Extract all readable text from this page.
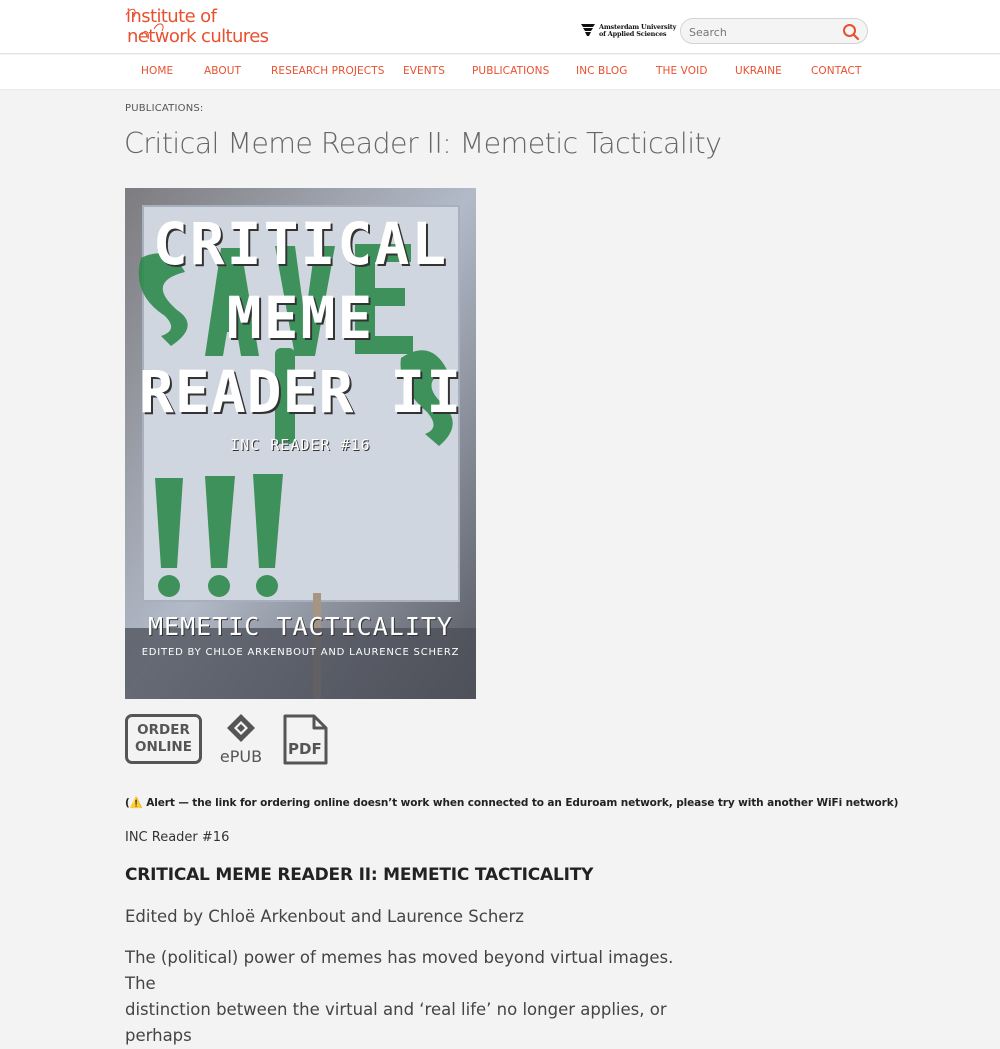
institute of
network cultures	Amsterdam University
of Applied Sciences
Search
HOME	ABOUT	RESEARCH PROJECTS EVENTS	PUBLICATIONS	INC BLOG	THE VOID	UKRAINE	CONTACT
PUBLICATIONS:
Critical Meme Reader II: Memetic Tacticality
CRITICAL
MEME
READER II
INC READER #16
MEMETIC TACTICALITY
EDITED BY CHLOE ARKENBOUT AND LAURENCE SCHERZ
ORDER
ONLINE	ePUB PDF

(⚠️ Alert — the link for ordering online doesn’t work when connected to an Eduroam network, please try with another WiFi network)

INC Reader #16

CRITICAL MEME READER II: MEMETIC TACTICALITY

Edited by Chloë Arkenbout and Laurence Scherz

The (political) power of memes has moved beyond virtual images. The
distinction between the virtual and ‘real life’ no longer applies, or perhaps
